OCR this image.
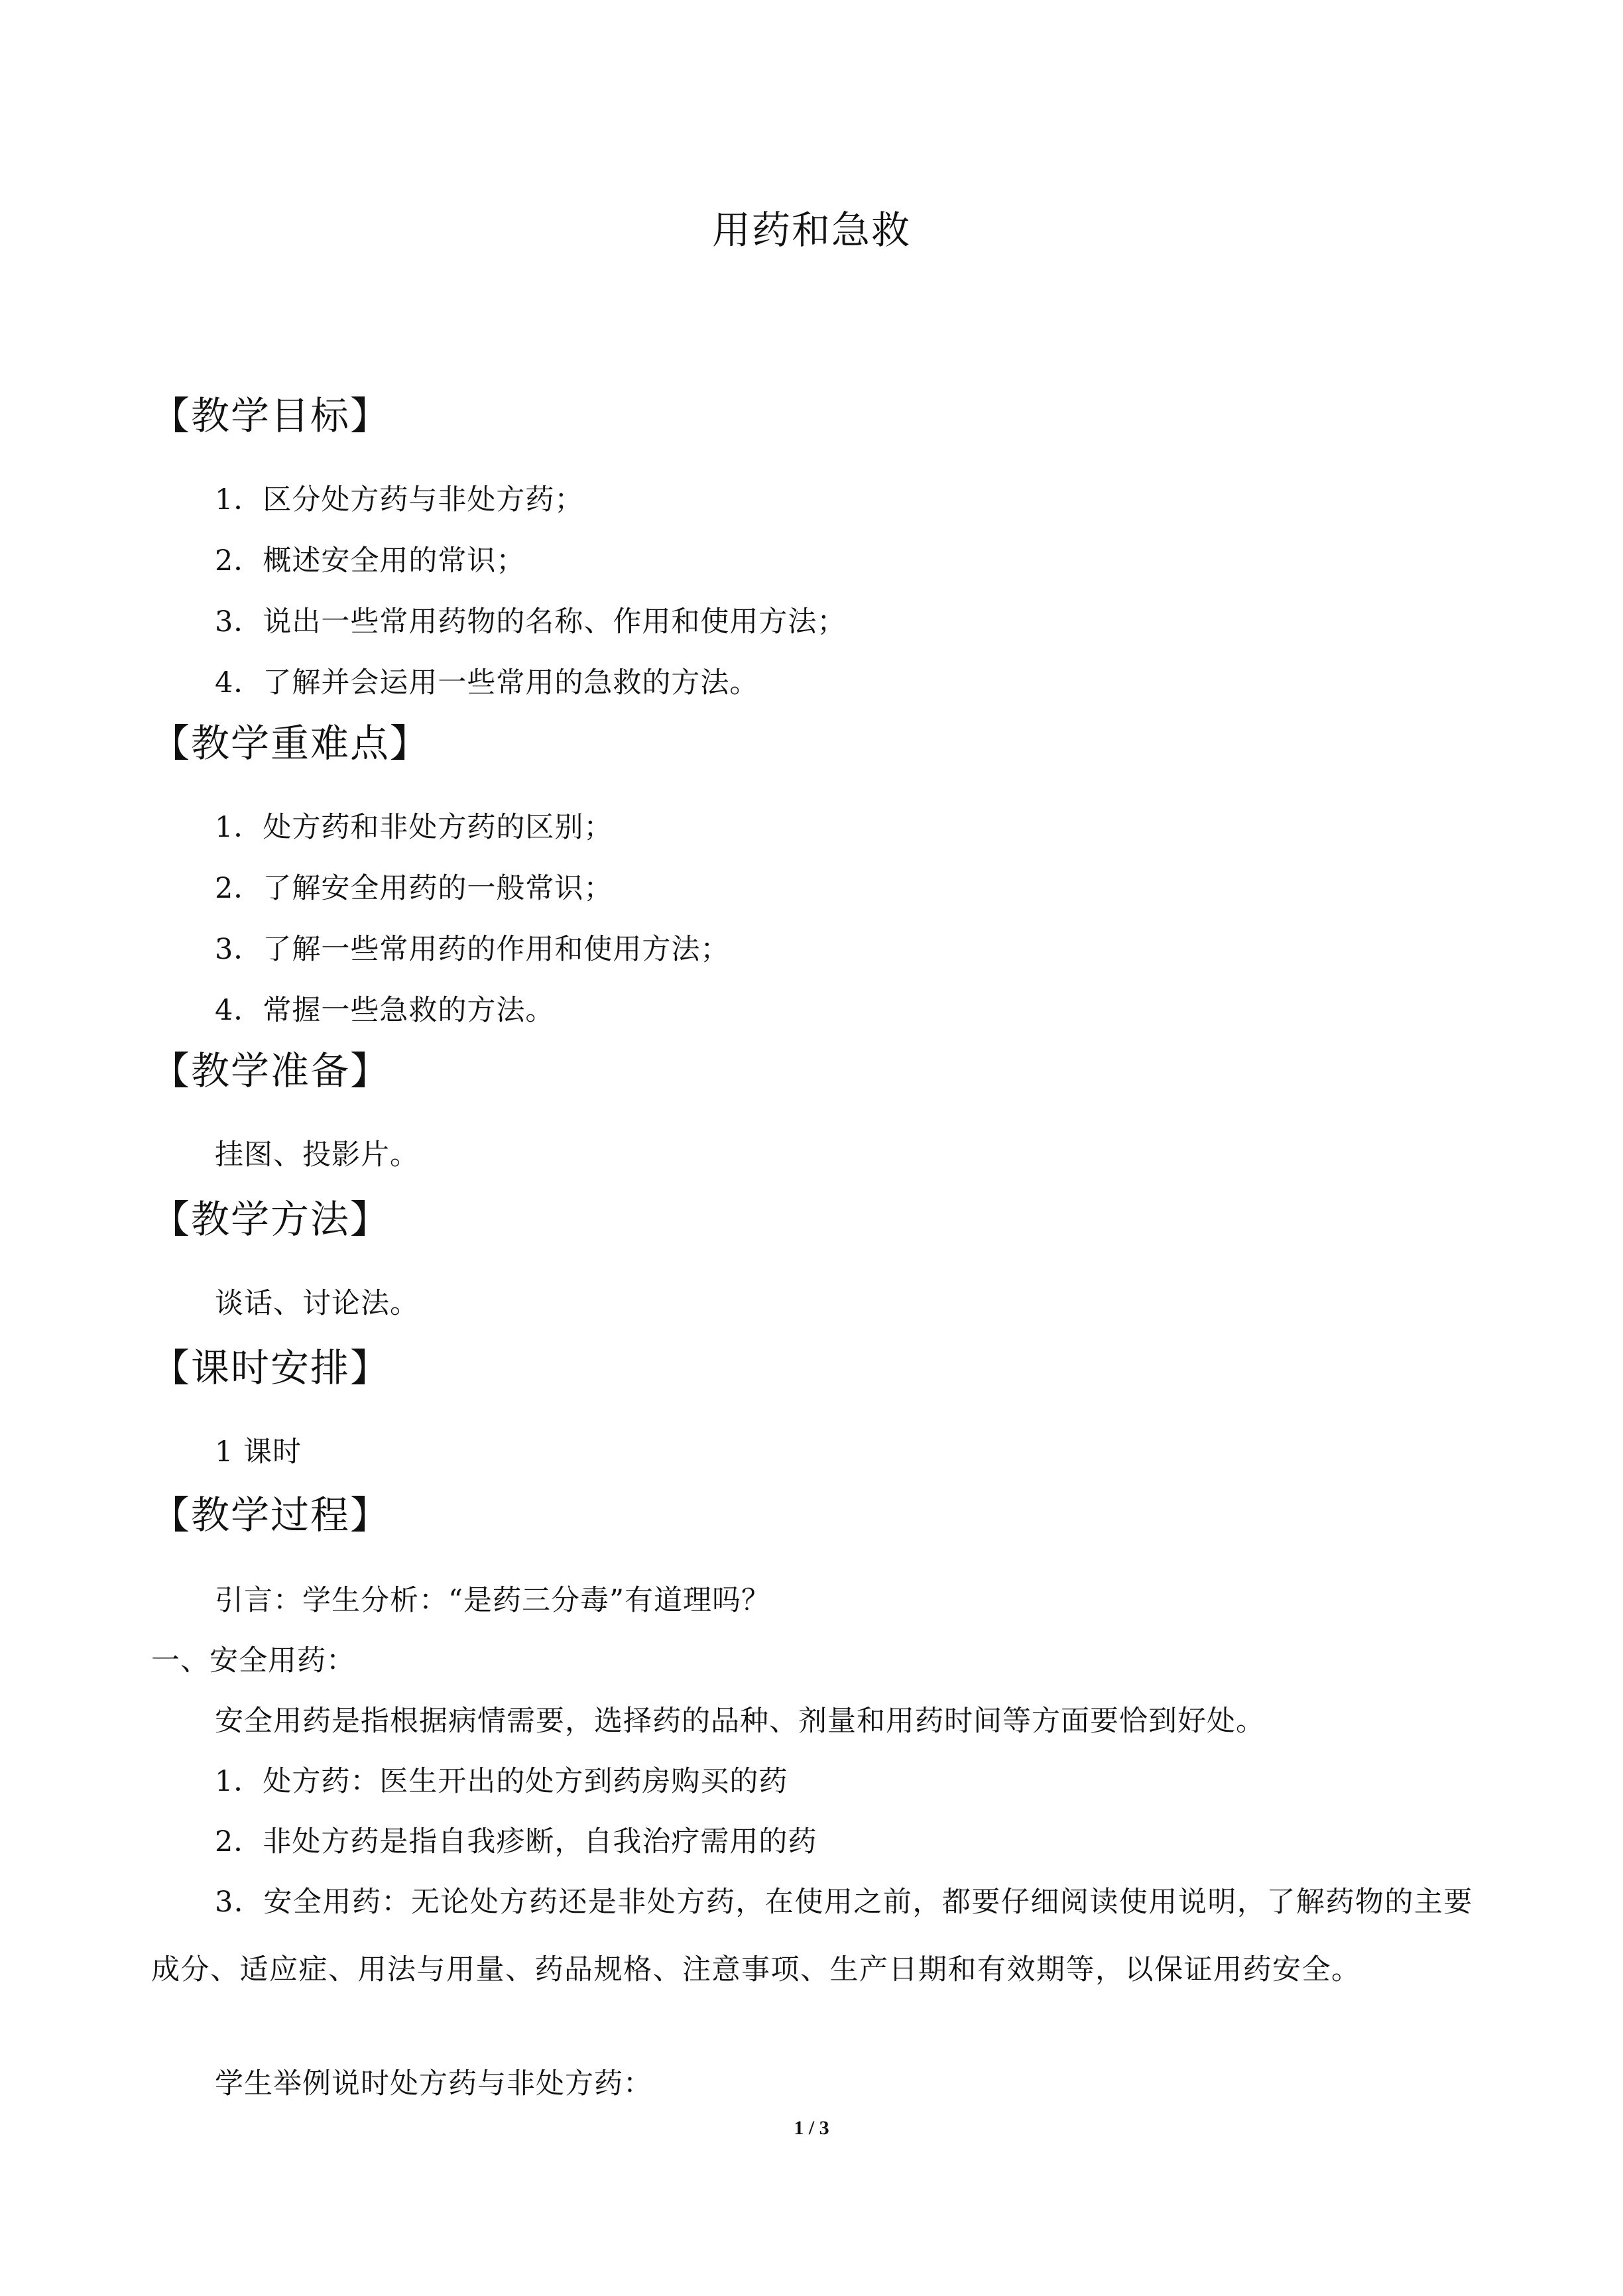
用药和急救
【教学目标】

1．区分处方药与非处方药；

2．概述安全用的常识；

3．说出一些常用药物的名称、作用和使用方法；

4．了解并会运用一些常用的急救的方法。

【教学重难点】

1．处方药和非处方药的区别；

2．了解安全用药的一般常识；

3．了解一些常用药的作用和使用方法；

4．常握一些急救的方法。

【教学准备】

挂图、投影片。

【教学方法】

谈话、讨论法。

【课时安排】

1 课时

【教学过程】

引言：学生分析：“是药三分毒”有道理吗？

一、安全用药：

安全用药是指根据病情需要，选择药的品种、剂量和用药时间等方面要恰到好处。

1．处方药：医生开出的处方到药房购买的药

2．非处方药是指自我疹断，自我治疗需用的药

3．安全用药：无论处方药还是非处方药，在使用之前，都要仔细阅读使用说明，了解药物的主要成分、适应症、用法与用量、药品规格、注意事项、生产日期和有效期等，以保证用药安全。

学生举例说时处方药与非处方药：

1 / 3
